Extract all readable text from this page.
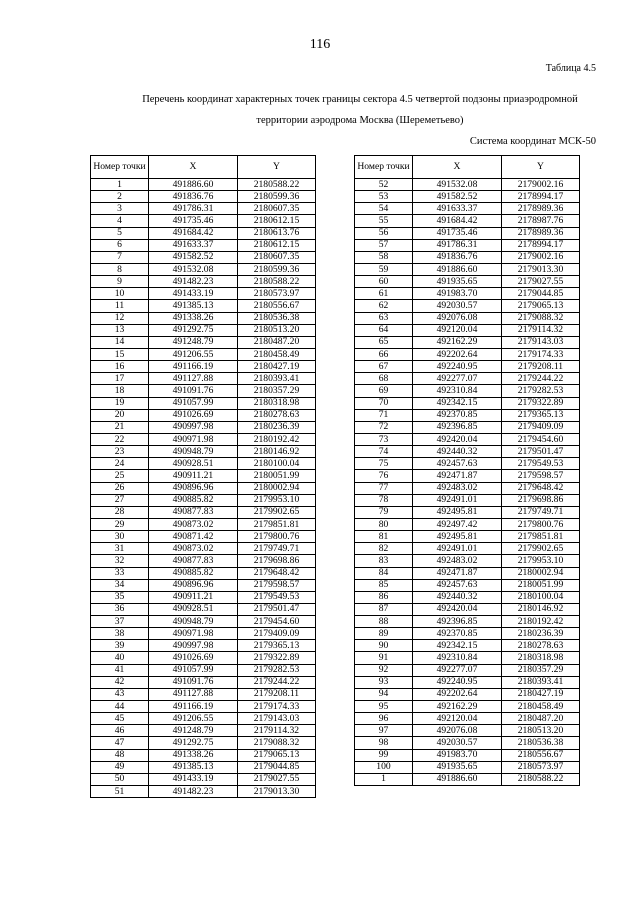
116
Таблица 4.5
Перечень координат характерных точек границы сектора 4.5 четвертой подзоны приаэродромной
территории аэродрома Москва (Шереметьево)
Система координат МСК-50
Номер точки	X	Y
1	491886.60	2180588.22
2	491836.76	2180599.36
3	491786.31	2180607.35
4	491735.46	2180612.15
5	491684.42	2180613.76
6	491633.37	2180612.15
7	491582.52	2180607.35
8	491532.08	2180599.36
9	491482.23	2180588.22
10	491433.19	2180573.97
11	491385.13	2180556.67
12	491338.26	2180536.38
13	491292.75	2180513.20
14	491248.79	2180487.20
15	491206.55	2180458.49
16	491166.19	2180427.19
17	491127.88	2180393.41
18	491091.76	2180357.29
19	491057.99	2180318.98
20	491026.69	2180278.63
21	490997.98	2180236.39
22	490971.98	2180192.42
23	490948.79	2180146.92
24	490928.51	2180100.04
25	490911.21	2180051.99
26	490896.96	2180002.94
27	490885.82	2179953.10
28	490877.83	2179902.65
29	490873.02	2179851.81
30	490871.42	2179800.76
31	490873.02	2179749.71
32	490877.83	2179698.86
33	490885.82	2179648.42
34	490896.96	2179598.57
35	490911.21	2179549.53
36	490928.51	2179501.47
37	490948.79	2179454.60
38	490971.98	2179409.09
39	490997.98	2179365.13
40	491026.69	2179322.89
41	491057.99	2179282.53
42	491091.76	2179244.22
43	491127.88	2179208.11
44	491166.19	2179174.33
45	491206.55	2179143.03
46	491248.79	2179114.32
47	491292.75	2179088.32
48	491338.26	2179065.13
49	491385.13	2179044.85
50	491433.19	2179027.55
51	491482.23	2179013.30
Номер точки	X	Y
52	491532.08	2179002.16
53	491582.52	2178994.17
54	491633.37	2178989.36
55	491684.42	2178987.76
56	491735.46	2178989.36
57	491786.31	2178994.17
58	491836.76	2179002.16
59	491886.60	2179013.30
60	491935.65	2179027.55
61	491983.70	2179044.85
62	492030.57	2179065.13
63	492076.08	2179088.32
64	492120.04	2179114.32
65	492162.29	2179143.03
66	492202.64	2179174.33
67	492240.95	2179208.11
68	492277.07	2179244.22
69	492310.84	2179282.53
70	492342.15	2179322.89
71	492370.85	2179365.13
72	492396.85	2179409.09
73	492420.04	2179454.60
74	492440.32	2179501.47
75	492457.63	2179549.53
76	492471.87	2179598.57
77	492483.02	2179648.42
78	492491.01	2179698.86
79	492495.81	2179749.71
80	492497.42	2179800.76
81	492495.81	2179851.81
82	492491.01	2179902.65
83	492483.02	2179953.10
84	492471.87	2180002.94
85	492457.63	2180051.99
86	492440.32	2180100.04
87	492420.04	2180146.92
88	492396.85	2180192.42
89	492370.85	2180236.39
90	492342.15	2180278.63
91	492310.84	2180318.98
92	492277.07	2180357.29
93	492240.95	2180393.41
94	492202.64	2180427.19
95	492162.29	2180458.49
96	492120.04	2180487.20
97	492076.08	2180513.20
98	492030.57	2180536.38
99	491983.70	2180556.67
100	491935.65	2180573.97
1	491886.60	2180588.22
